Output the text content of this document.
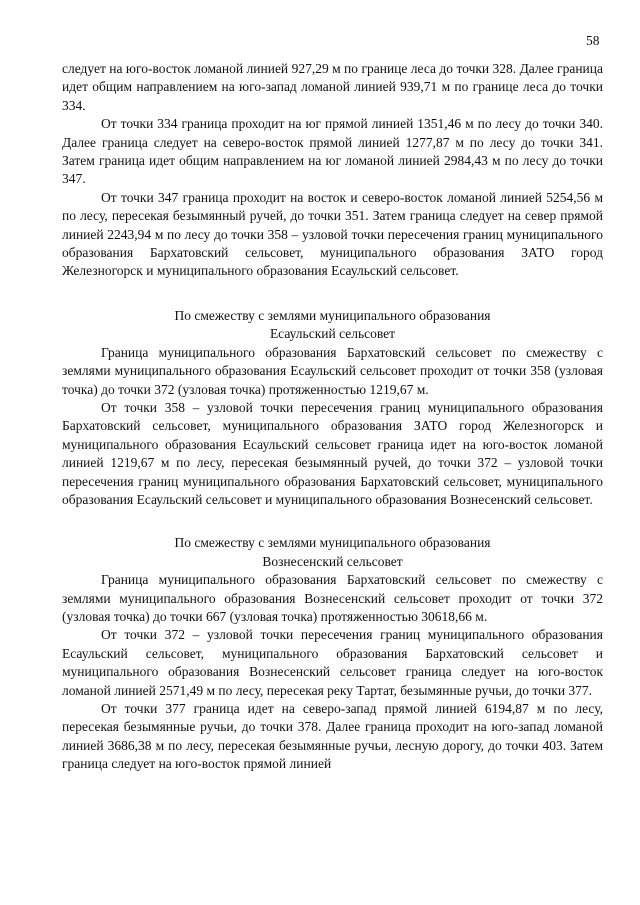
58

следует на юго-восток ломаной линией 927,29 м по границе леса до точки 328. Далее граница идет общим направлением на юго-запад ломаной линией 939,71 м по границе леса до точки 334.

От точки 334 граница проходит на юг прямой линией 1351,46 м по лесу до точки 340. Далее граница следует на северо-восток прямой линией 1277,87 м по лесу до точки 341. Затем граница идет общим направлением на юг ломаной линией 2984,43 м по лесу до точки 347.

От точки 347 граница проходит на восток и северо-восток ломаной линией 5254,56 м по лесу, пересекая безымянный ручей, до точки 351. Затем граница следует на север прямой линией 2243,94 м по лесу до точки 358 – узловой точки пересечения границ муниципального образования Бархатовский сельсовет, муниципального образования ЗАТО город Железногорск и муниципального образования Есаульский сельсовет.

По смежеству с землями муниципального образования
Есаульский сельсовет

Граница муниципального образования Бархатовский сельсовет по смежеству с землями муниципального образования Есаульский сельсовет проходит от точки 358 (узловая точка) до точки 372 (узловая точка) протяженностью 1219,67 м.

От точки 358 – узловой точки пересечения границ муниципального образования Бархатовский сельсовет, муниципального образования ЗАТО город Железногорск и муниципального образования Есаульский сельсовет граница идет на юго-восток ломаной линией 1219,67 м по лесу, пересекая безымянный ручей, до точки 372 – узловой точки пересечения границ муниципального образования Бархатовский сельсовет, муниципального образования Есаульский сельсовет и муниципального образования Вознесенский сельсовет.

По смежеству с землями муниципального образования
Вознесенский сельсовет

Граница муниципального образования Бархатовский сельсовет по смежеству с землями муниципального образования Вознесенский сельсовет проходит от точки 372 (узловая точка) до точки 667 (узловая точка) протяженностью 30618,66 м.

От точки 372 – узловой точки пересечения границ муниципального образования Есаульский сельсовет, муниципального образования Бархатовский сельсовет и муниципального образования Вознесенский сельсовет граница следует на юго-восток ломаной линией 2571,49 м по лесу, пересекая реку Тартат, безымянные ручьи, до точки 377.

От точки 377 граница идет на северо-запад прямой линией 6194,87 м по лесу, пересекая безымянные ручьи, до точки 378. Далее граница проходит на юго-запад ломаной линией 3686,38 м по лесу, пересекая безымянные ручьи, лесную дорогу, до точки 403. Затем граница следует на юго-восток прямой линией
